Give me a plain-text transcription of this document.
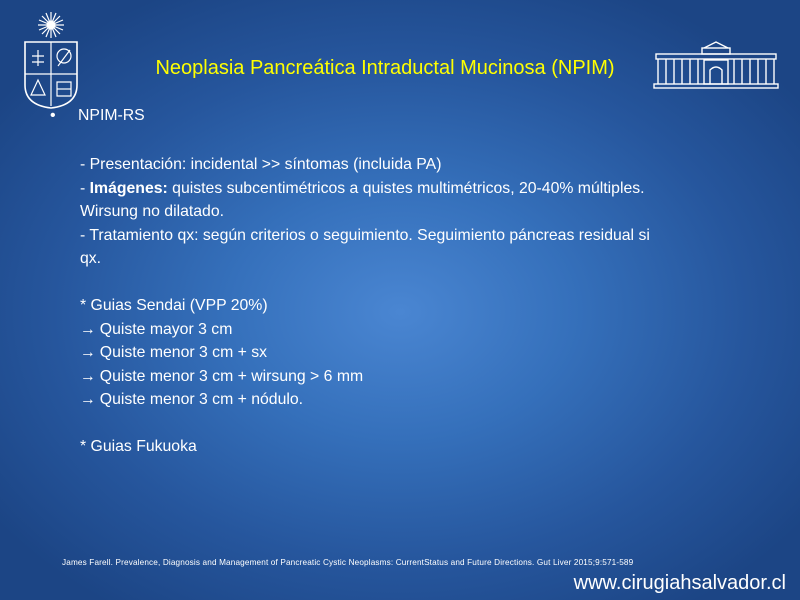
Neoplasia Pancreática Intraductal Mucinosa (NPIM)
•	NPIM-RS
- Presentación: incidental >> síntomas (incluida PA)
- Imágenes: quistes subcentimétricos a quistes multimétricos, 20-40% múltiples.
Wirsung no dilatado.
- Tratamiento qx: según criterios o seguimiento. Seguimiento páncreas residual si
qx.
* Guias Sendai (VPP 20%)
→ Quiste mayor 3 cm
→ Quiste menor 3 cm + sx
→ Quiste menor 3 cm + wirsung > 6 mm
→ Quiste menor 3 cm + nódulo.
* Guias Fukuoka
James Farell. Prevalence, Diagnosis and Management of Pancreatic Cystic Neoplasms: CurrentStatus and Future Directions. Gut Liver 2015;9:571-589
www.cirugiahsalvador.cl
